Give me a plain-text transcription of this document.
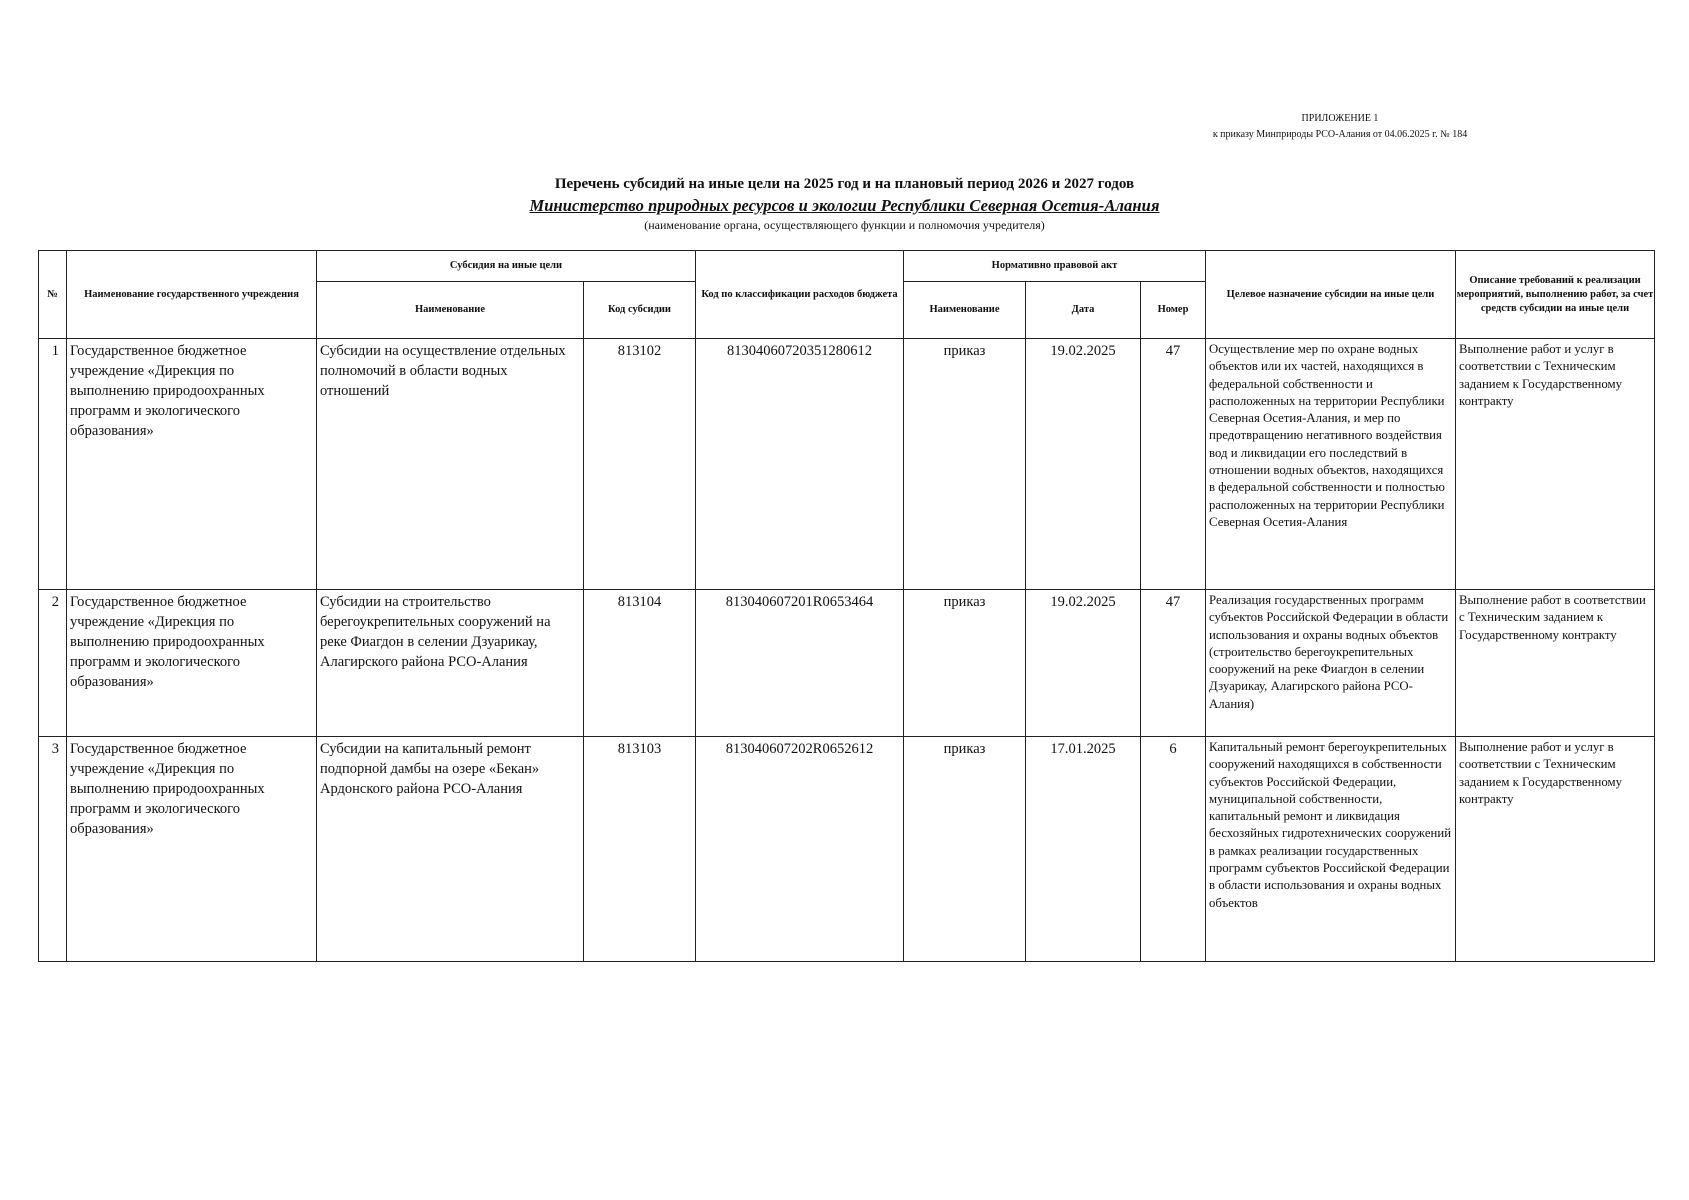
ПРИЛОЖЕНИЕ 1
к приказу Минприроды РСО-Алания от 04.06.2025 г. № 184
Перечень субсидий на иные цели на 2025 год и на плановый период 2026 и 2027 годов
Министерство природных ресурсов и экологии Республики Северная Осетия-Алания
(наименование органа, осуществляющего функции и полномочия учредителя)
№	Наименование государственного учреждения	Субсидия на иные цели		Код по классификации расходов бюджета	Нормативно правовой акт			Целевое назначение субсидии на иные цели	Описание требований к реализации мероприятий, выполнению работ, за счет средств субсидии на иные цели
		Наименование	Код субсидии		Наименование	Дата	Номер		

1	Государственное бюджетное учреждение «Дирекция по выполнению природоохранных программ и экологического образования»	Субсидии на осуществление отдельных полномочий в области водных отношений	813102	81304060720351280612	приказ	19.02.2025	47	Осуществление мер по охране водных объектов или их частей, находящихся в федеральной собственности и расположенных на территории Республики Северная Осетия-Алания, и мер по предотвращению негативного воздействия вод и ликвидации его последствий в отношении водных объектов, находящихся в федеральной собственности и полностью расположенных на территории Республики Северная Осетия-Алания	Выполнение работ и услуг в соответствии с Техническим заданием к Государственному контракту

2	Государственное бюджетное учреждение «Дирекция по выполнению природоохранных программ и экологического образования»	Субсидии на строительство берегоукрепительных сооружений на реке Фиагдон в селении Дзуарикау, Алагирского района РСО-Алания	813104	813040607201R0653464	приказ	19.02.2025	47	Реализация государственных программ субъектов Российской Федерации в области использования и охраны водных объектов (строительство берегоукрепительных сооружений на реке Фиагдон в селении Дзуарикау, Алагирского района РСО-Алания)	Выполнение работ в соответствии с Техническим заданием к Государственному контракту

3	Государственное бюджетное учреждение «Дирекция по выполнению природоохранных программ и экологического образования»	Субсидии на капитальный ремонт подпорной дамбы на озере «Бекан» Ардонского района РСО-Алания	813103	813040607202R0652612	приказ	17.01.2025	6	Капитальный ремонт берегоукрепительных сооружений находящихся в собственности субъектов Российской Федерации, муниципальной собственности, капитальный ремонт и ликвидация бесхозяйных гидротехнических сооружений в рамках реализации государственных программ субъектов Российской Федерации в области использования и охраны водных объектов	Выполнение работ и услуг в соответствии с Техническим заданием к Государственному контракту
